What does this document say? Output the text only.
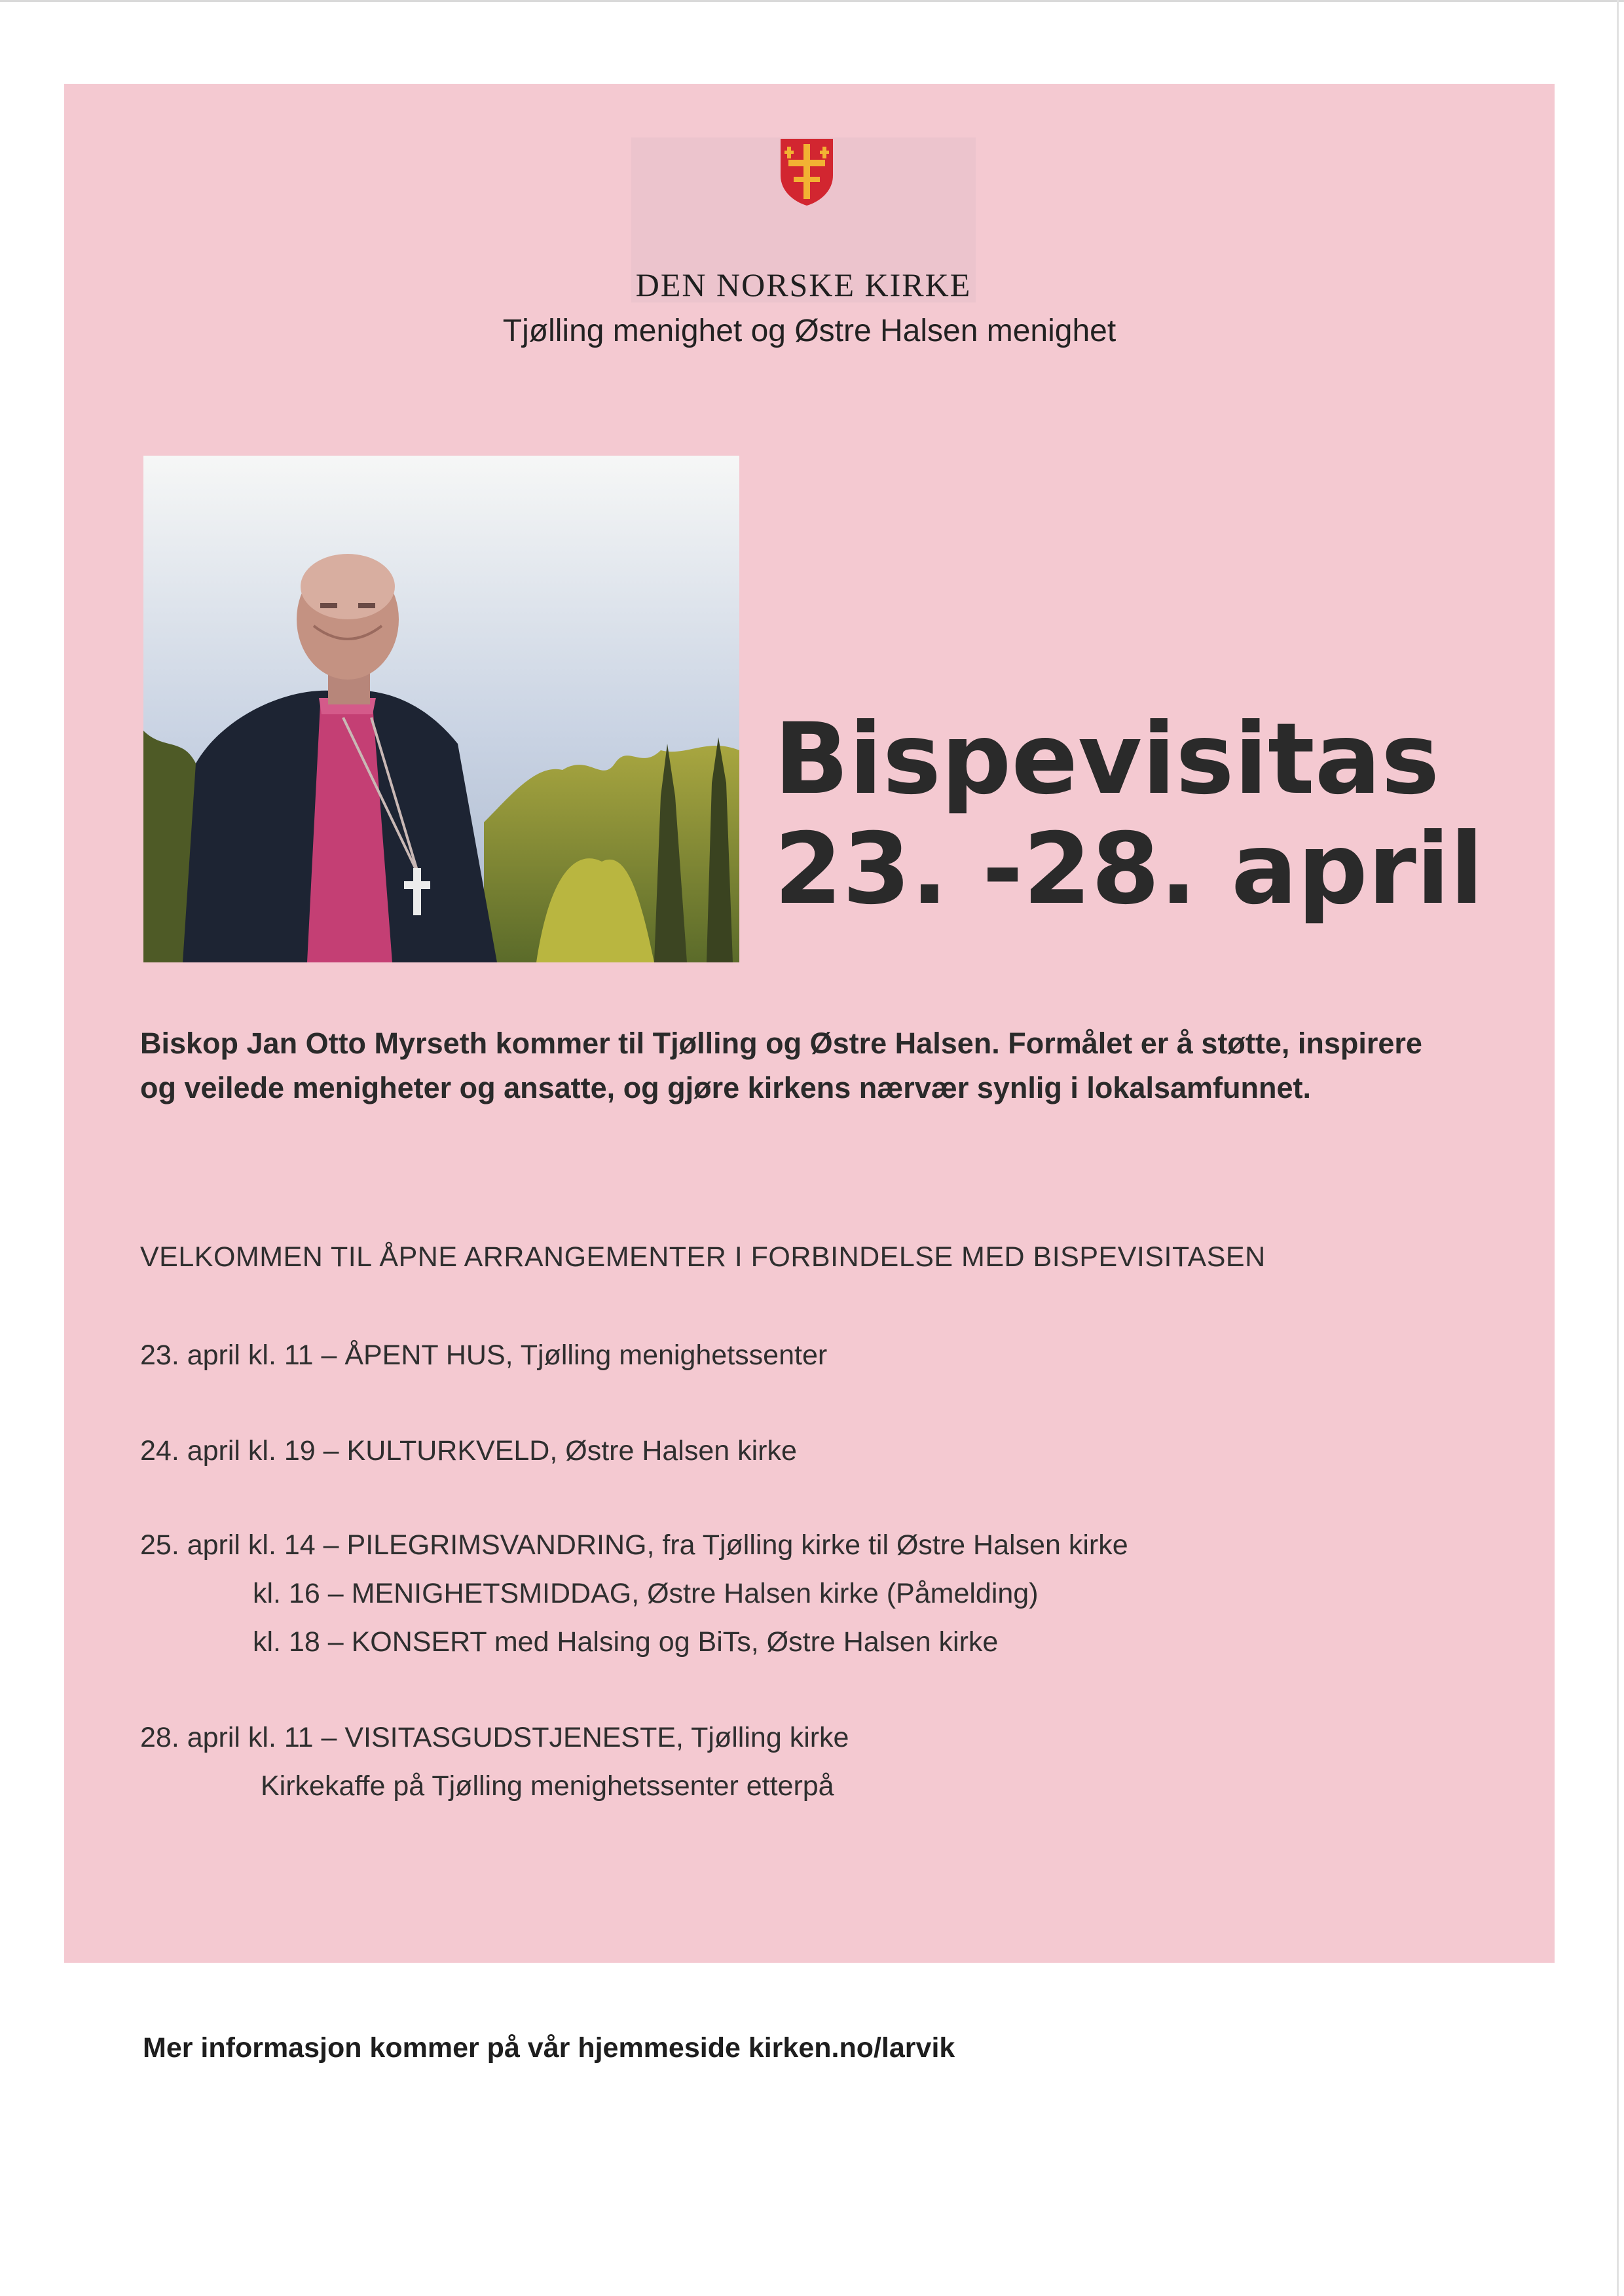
DEN NORSKE KIRKE
Tjølling menighet og Østre Halsen menighet
Bispevisitas
23. -28. april
Biskop Jan Otto Myrseth kommer til Tjølling og Østre Halsen. Formålet er å støtte, inspirere
og veilede menigheter og ansatte, og gjøre kirkens nærvær synlig i lokalsamfunnet.
VELKOMMEN TIL ÅPNE ARRANGEMENTER I FORBINDELSE MED BISPEVISITASEN
23. april kl. 11 – ÅPENT HUS, Tjølling menighetssenter
24. april kl. 19 – KULTURKVELD, Østre Halsen kirke
25. april kl. 14 – PILEGRIMSVANDRING, fra Tjølling kirke til Østre Halsen kirke
kl. 16 – MENIGHETSMIDDAG, Østre Halsen kirke (Påmelding)
kl. 18 – KONSERT med Halsing og BiTs, Østre Halsen kirke
28. april kl. 11 – VISITASGUDSTJENESTE, Tjølling kirke
Kirkekaffe på Tjølling menighetssenter etterpå
Mer informasjon kommer på vår hjemmeside kirken.no/larvik
